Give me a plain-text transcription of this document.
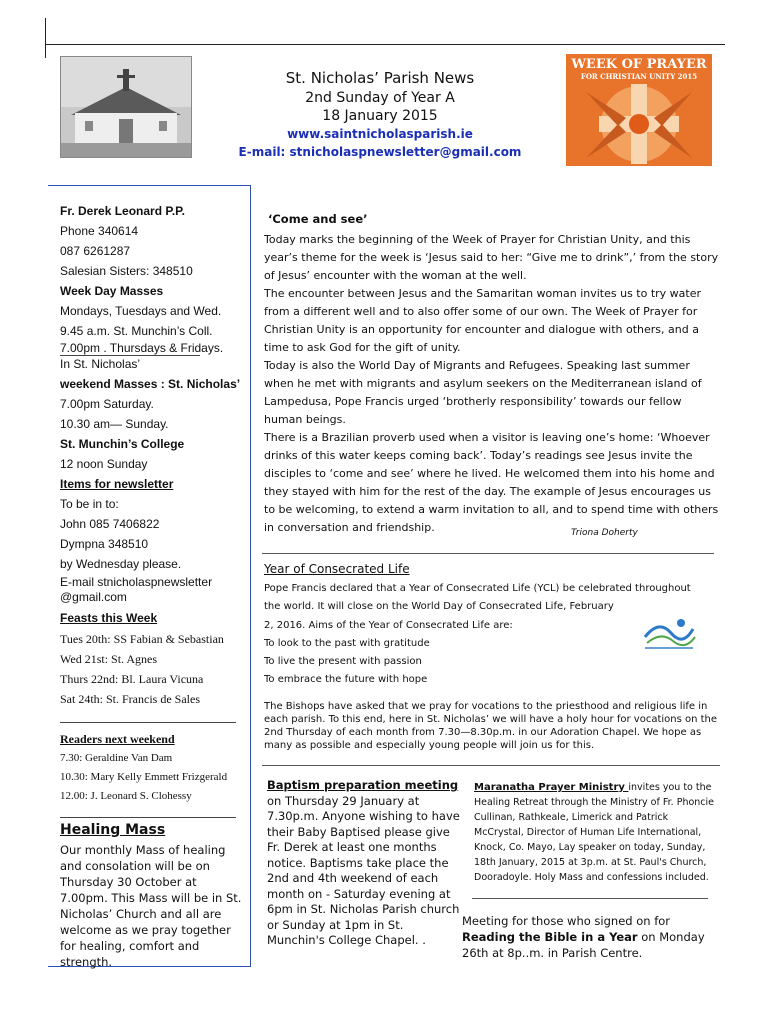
St. Nicholas’ Parish News
2nd Sunday of Year A
18 January 2015
www.saintnicholasparish.ie
E-mail: stnicholaspnewsletter@gmail.com
WEEK OF PRAYER
FOR CHRISTIAN UNITY 2015
Fr. Derek Leonard P.P.
Phone 340614
087 6261287
Salesian Sisters: 348510
Week Day Masses
Mondays, Tuesdays and Wed.
9.45 a.m. St. Munchin’s Coll.
7.00pm . Thursdays & Fridays.
In St. Nicholas’
weekend Masses : St. Nicholas’
7.00pm Saturday.
10.30 am— Sunday.
St. Munchin’s College
12 noon Sunday
Items for newsletter
To be in to:
John 085 7406822
Dympna 348510
by Wednesday please.
E-mail stnicholaspnewsletter
@gmail.com
Feasts this Week
Tues 20th: SS Fabian & Sebastian
Wed 21st: St. Agnes
Thurs 22nd: Bl. Laura Vicuna
Sat 24th: St. Francis de Sales
Readers next weekend
7.30: Geraldine Van Dam
10.30: Mary Kelly Emmett Frizgerald
12.00: J. Leonard S. Clohessy
Healing Mass
Our monthly Mass of healing and consolation will be on Thursday 30 October at 7.00pm. This Mass will be in St. Nicholas’ Church and all are welcome as we pray together for healing, comfort and strength.
‘Come and see’
Today marks the beginning of the Week of Prayer for Christian Unity, and this year’s theme for the week is ‘Jesus said to her: “Give me to drink”,’ from the story of Jesus’ encounter with the woman at the well.
The encounter between Jesus and the Samaritan woman invites us to try water from a different well and to also offer some of our own. The Week of Prayer for Christian Unity is an opportunity for encounter and dialogue with others, and a time to ask God for the gift of unity.
Today is also the World Day of Migrants and Refugees. Speaking last summer when he met with migrants and asylum seekers on the Mediterranean island of Lampedusa, Pope Francis urged ‘brotherly responsibility’ towards our fellow human beings.
There is a Brazilian proverb used when a visitor is leaving one’s home: ‘Whoever drinks of this water keeps coming back’. Today’s readings see Jesus invite the disciples to ‘come and see’ where he lived. He welcomed them into his home and they stayed with him for the rest of the day. The example of Jesus encourages us to be welcoming, to extend a warm invitation to all, and to spend time with others in conversation and friendship.	Triona Doherty
Year of Consecrated Life
Pope Francis declared that a Year of Consecrated Life (YCL) be celebrated throughout
the world. It will close on the World Day of Consecrated Life, February
2, 2016. Aims of the Year of Consecrated Life are:
To look to the past with gratitude
To live the present with passion
To embrace the future with hope
The Bishops have asked that we pray for vocations to the priesthood and religious life in each parish. To this end, here in St. Nicholas’ we will have a holy hour for vocations on the 2nd Thursday of each month from 7.30—8.30p.m. in our Adoration Chapel. We hope as many as possible and especially young people will join us for this.
Baptism preparation meeting on Thursday 29 January at 7.30p.m. Anyone wishing to have their Baby Baptised please give Fr. Derek at least one months notice. Baptisms take place the 2nd and 4th weekend of each month on - Saturday evening at 6pm in St. Nicholas Parish church or Sunday at 1pm in St. Munchin's College Chapel. .
Maranatha Prayer Ministry invites you to the Healing Retreat through the Ministry of Fr. Phoncie Cullinan, Rathkeale, Limerick and Patrick McCrystal, Director of Human Life International, Knock, Co. Mayo, Lay speaker on today, Sunday, 18th January, 2015 at 3p.m. at St. Paul's Church, Dooradoyle. Holy Mass and confessions included.
Meeting for those who signed on for Reading the Bible in a Year on Monday 26th at 8p..m. in Parish Centre.
